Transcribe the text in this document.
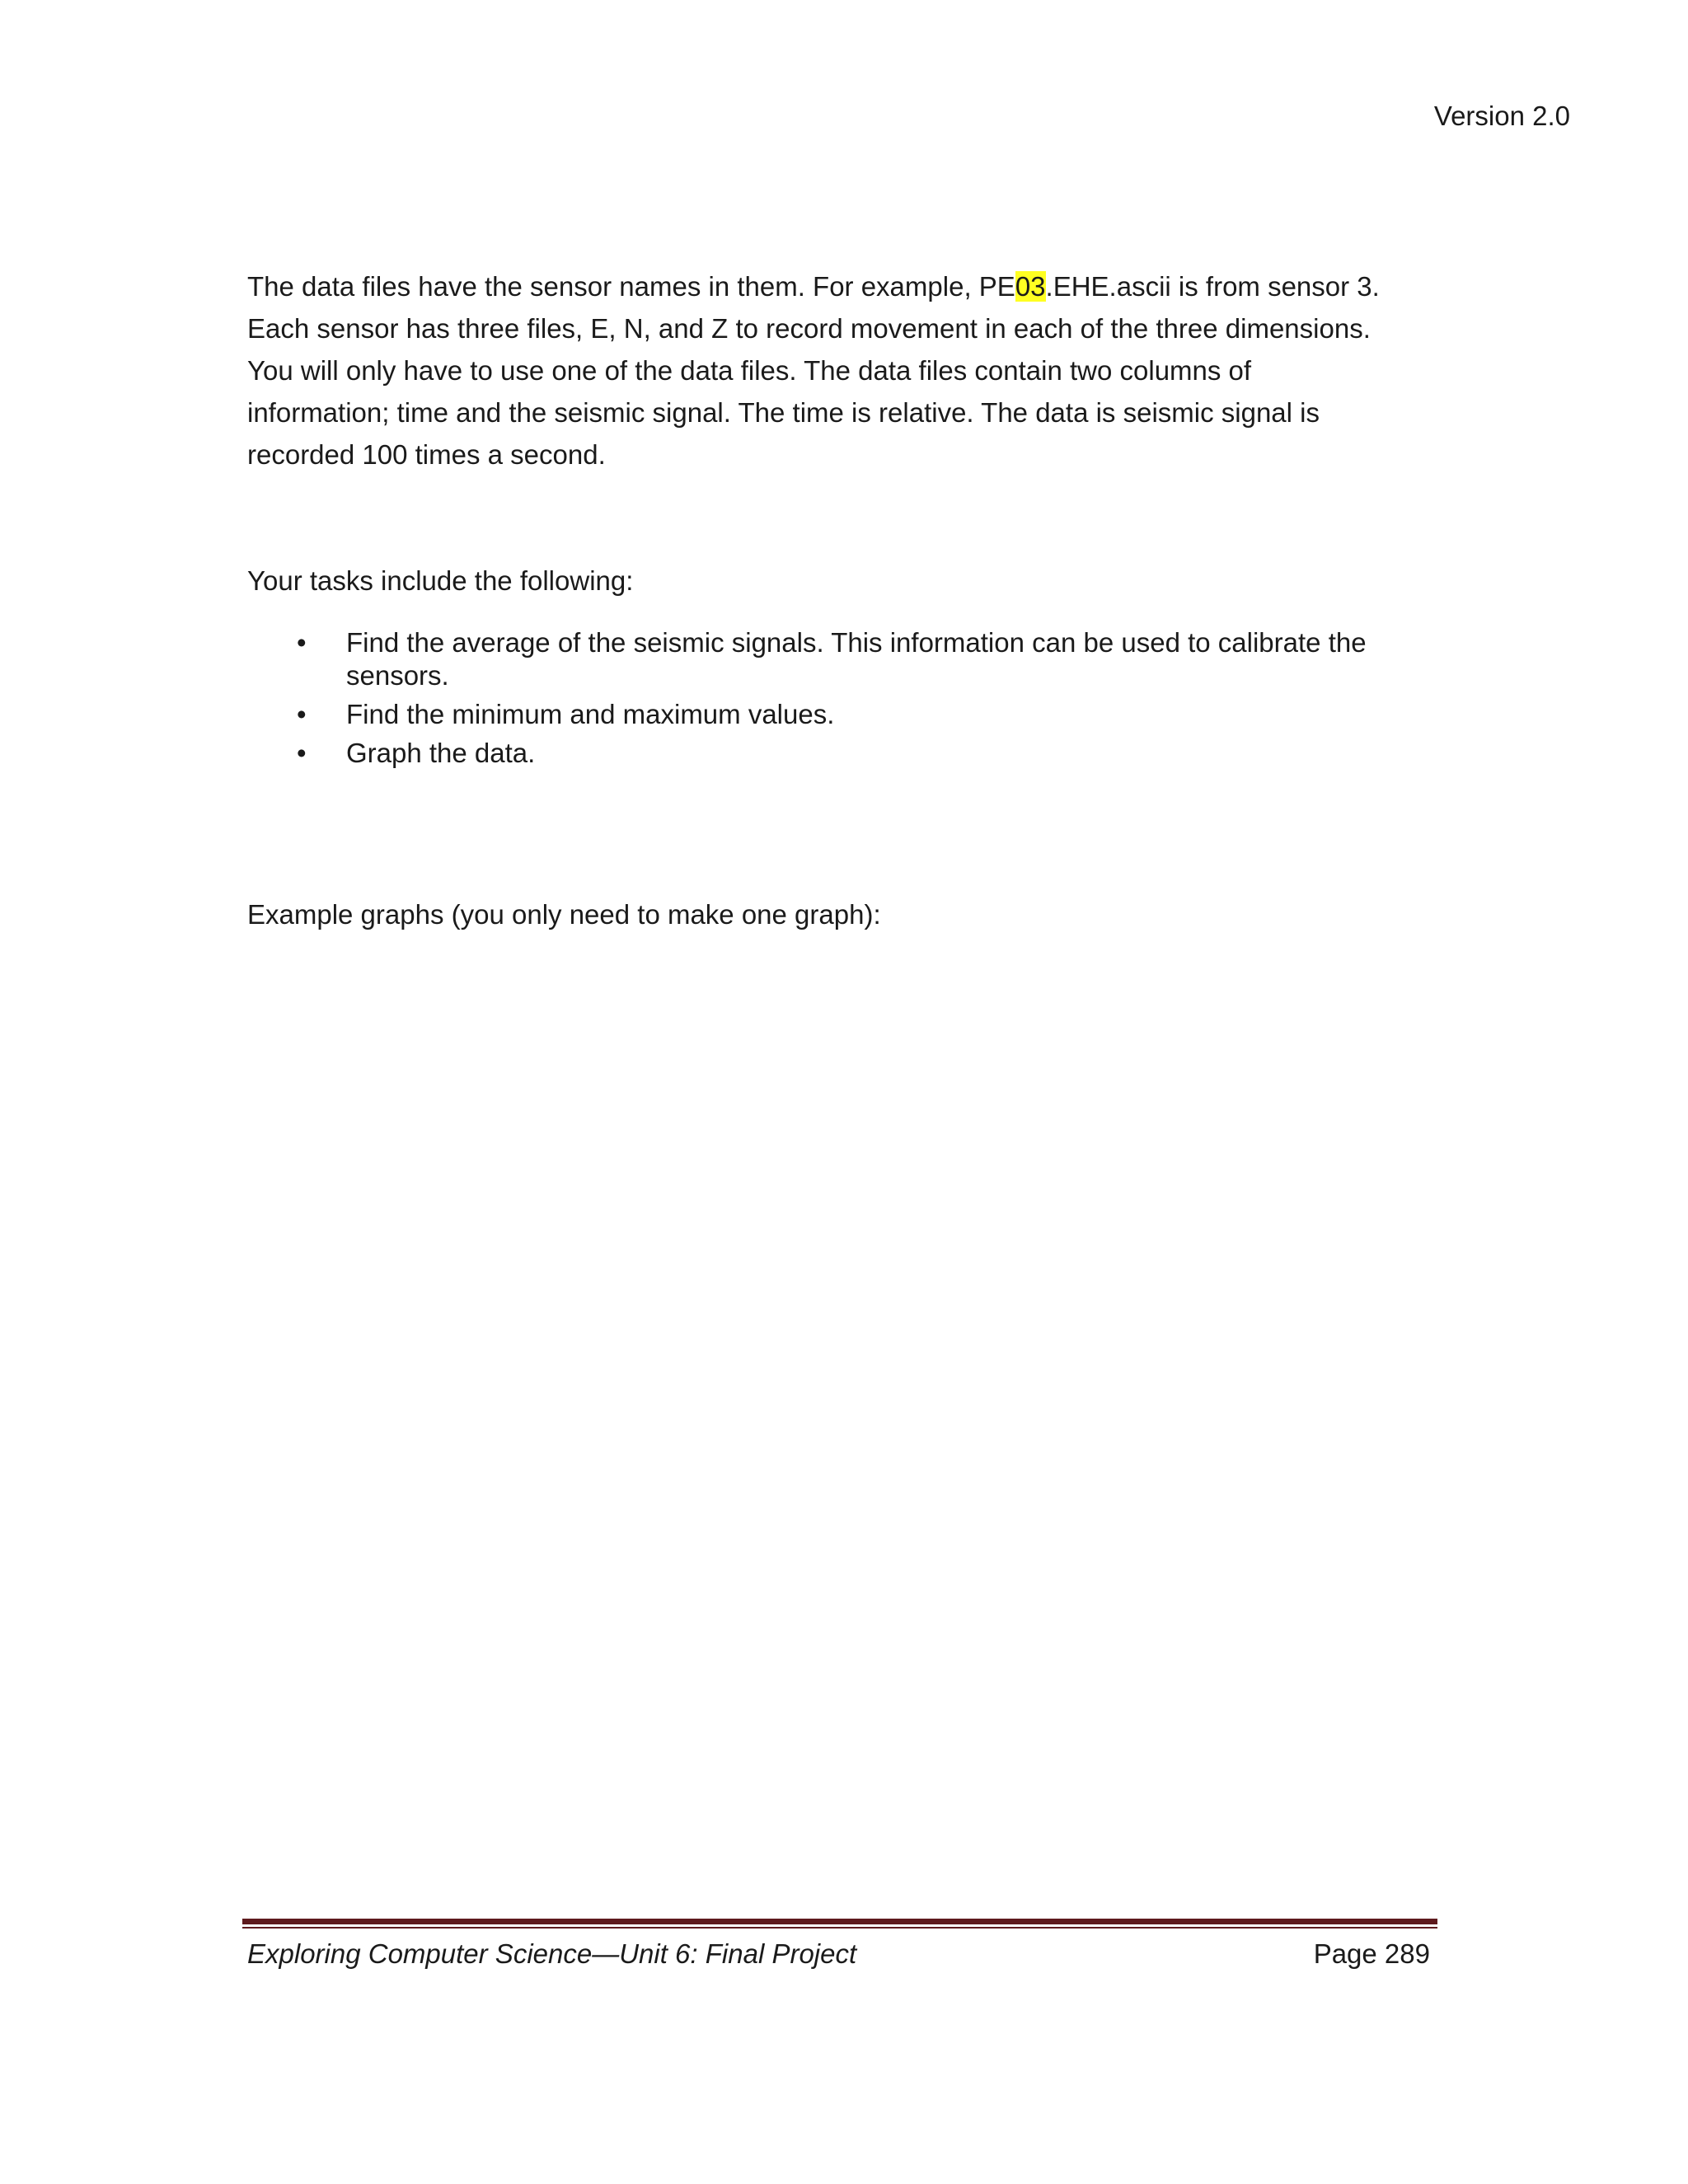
Version 2.0
The data files have the sensor names in them. For example, PE03.EHE.ascii is from sensor 3.
Each sensor has three files, E, N, and Z to record movement in each of the three dimensions.
You will only have to use one of the data files. The data files contain two columns of
information; time and the seismic signal. The time is relative. The data is seismic signal is
recorded 100 times a second.
Your tasks include the following:
• Find the average of the seismic signals. This information can be used to calibrate the sensors.
• Find the minimum and maximum values.
• Graph the data.
Example graphs (you only need to make one graph):
Exploring Computer Science—Unit 6: Final Project	Page 289
